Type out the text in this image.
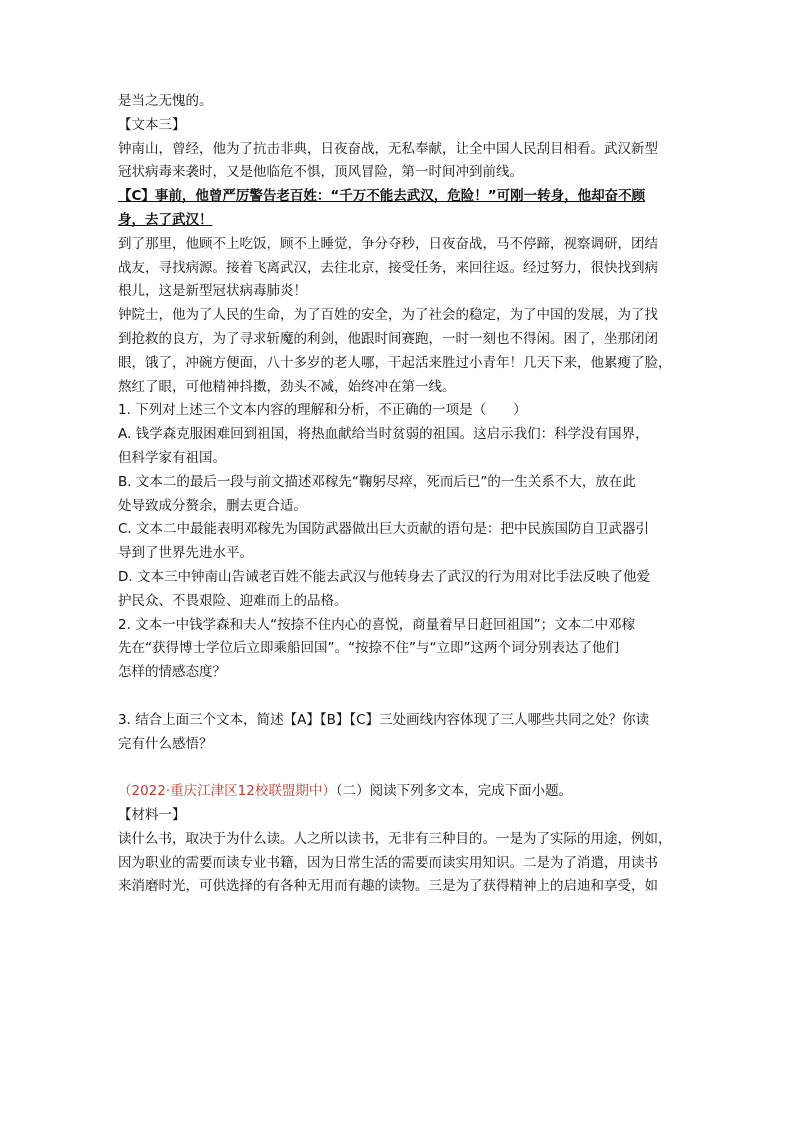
是当之无愧的。
【文本三】
钟南山，曾经，他为了抗击非典，日夜奋战，无私奉献，让全中国人民刮目相看。武汉新型
冠状病毒来袭时，又是他临危不惧，顶风冒险，第一时间冲到前线。
【C】事前，他曾严厉警告老百姓：“千万不能去武汉，危险！”可刚一转身，他却奋不顾
身，去了武汉！
到了那里，他顾不上吃饭，顾不上睡觉，争分夺秒，日夜奋战，马不停蹄，视察调研，团结
战友，寻找病源。接着飞离武汉，去往北京，接受任务，来回往返。经过努力，很快找到病
根儿，这是新型冠状病毒肺炎！
钟院士，他为了人民的生命，为了百姓的安全，为了社会的稳定，为了中国的发展，为了找
到抢救的良方，为了寻求斩魔的利剑，他跟时间赛跑，一时一刻也不得闲。困了，坐那闭闭
眼，饿了，冲碗方便面，八十多岁的老人哪，干起活来胜过小青年！几天下来，他累瘦了脸，
熬红了眼，可他精神抖擞，劲头不减，始终冲在第一线。
1. 下列对上述三个文本内容的理解和分析，不正确的一项是（　　）
A. 钱学森克服困难回到祖国，将热血献给当时贫弱的祖国。这启示我们：科学没有国界，
但科学家有祖国。
B. 文本二的最后一段与前文描述邓稼先“鞠躬尽瘁，死而后已”的一生关系不大，放在此
处导致成分赘余，删去更合适。
C. 文本二中最能表明邓稼先为国防武器做出巨大贡献的语句是：把中民族国防自卫武器引
导到了世界先进水平。
D. 文本三中钟南山告诫老百姓不能去武汉与他转身去了武汉的行为用对比手法反映了他爱
护民众、不畏艰险、迎难而上的品格。
2. 文本一中钱学森和夫人“按捺不住内心的喜悦，商量着早日赶回祖国”；文本二中邓稼
先在“获得博士学位后立即乘船回国”。“按捺不住”与“立即”这两个词分别表达了他们
怎样的情感态度？
3. 结合上面三个文本，简述【A】【B】【C】三处画线内容体现了三人哪些共同之处？你读
完有什么感悟？
（2022·重庆江津区12校联盟期中）（二）阅读下列多文本，完成下面小题。
【材料一】
读什么书，取决于为什么读。人之所以读书，无非有三种目的。一是为了实际的用途，例如，
因为职业的需要而读专业书籍，因为日常生活的需要而读实用知识。二是为了消遣，用读书
来消磨时光，可供选择的有各种无用而有趣的读物。三是为了获得精神上的启迪和享受，如
